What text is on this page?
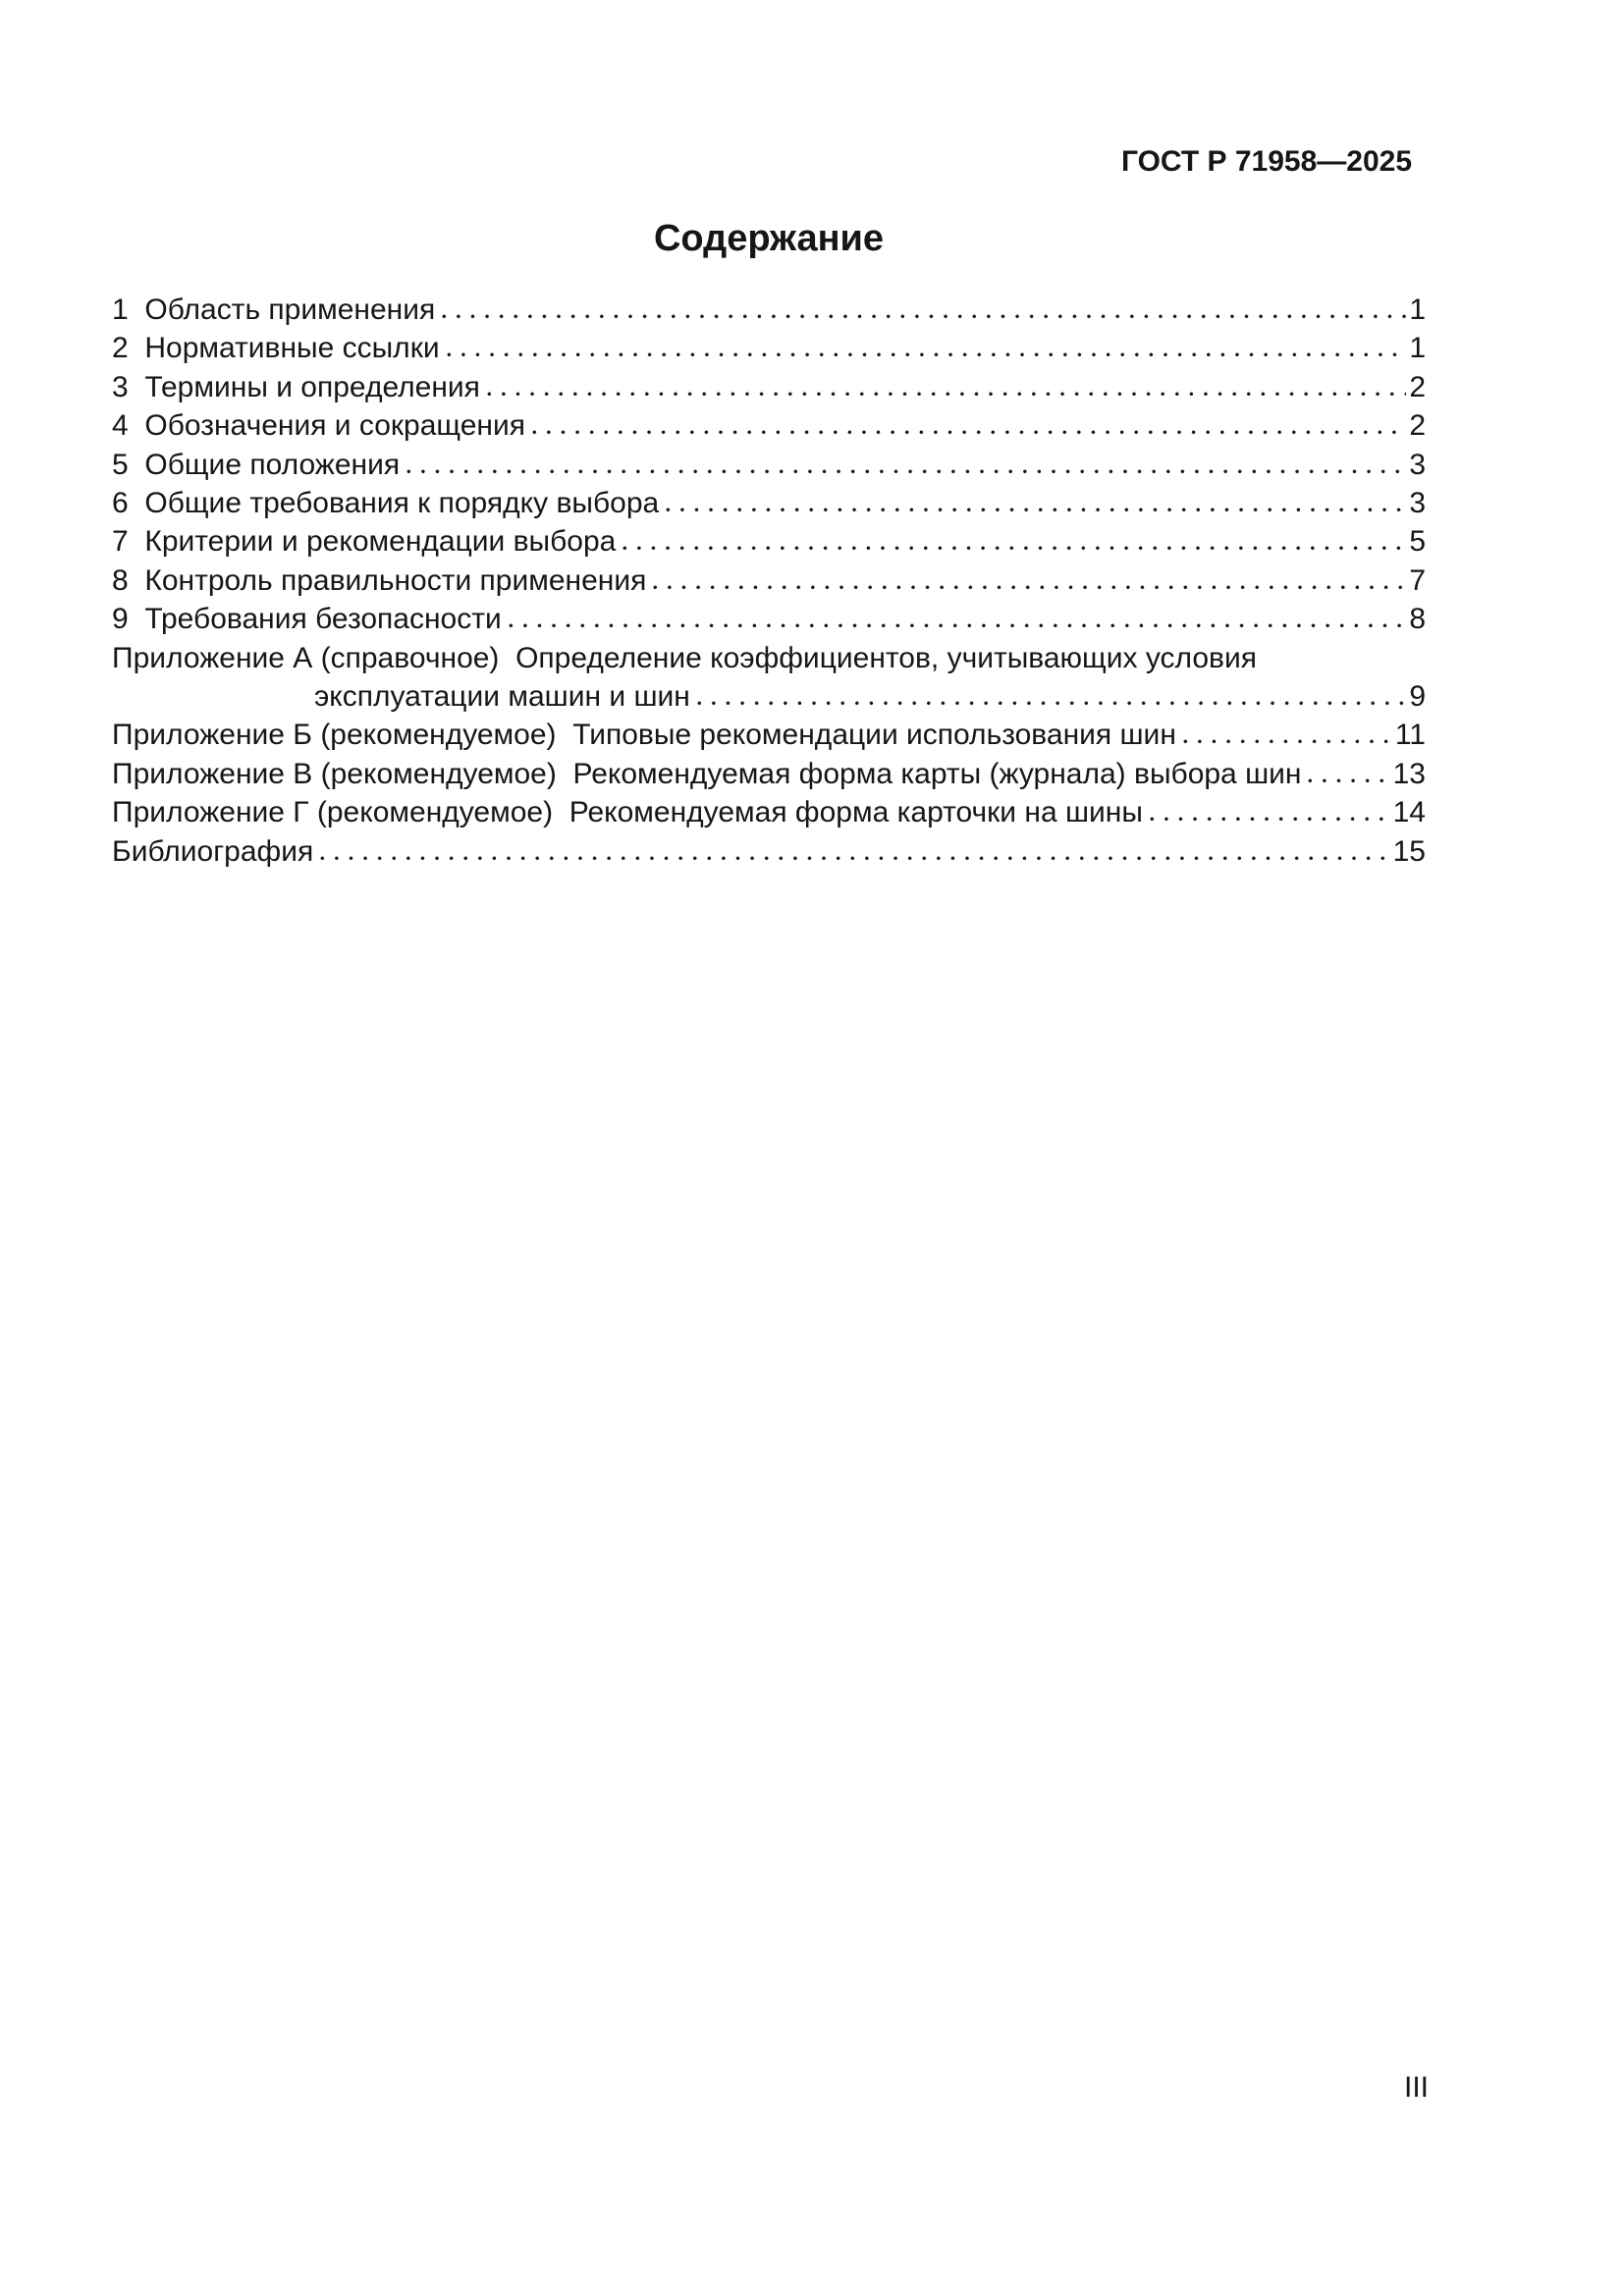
ГОСТ Р 71958—2025
Содержание
1  Область применения	1
2  Нормативные ссылки	1
3  Термины и определения	2
4  Обозначения и сокращения	2
5  Общие положения	3
6  Общие требования к порядку выбора	3
7  Критерии и рекомендации выбора	5
8  Контроль правильности применения	7
9  Требования безопасности	8
Приложение А (справочное)  Определение коэффициентов, учитывающих условия
эксплуатации машин и шин	9
Приложение Б (рекомендуемое)  Типовые рекомендации использования шин	11
Приложение В (рекомендуемое)  Рекомендуемая форма карты (журнала) выбора шин	13
Приложение Г (рекомендуемое)  Рекомендуемая форма карточки на шины	14
Библиография	15
III
